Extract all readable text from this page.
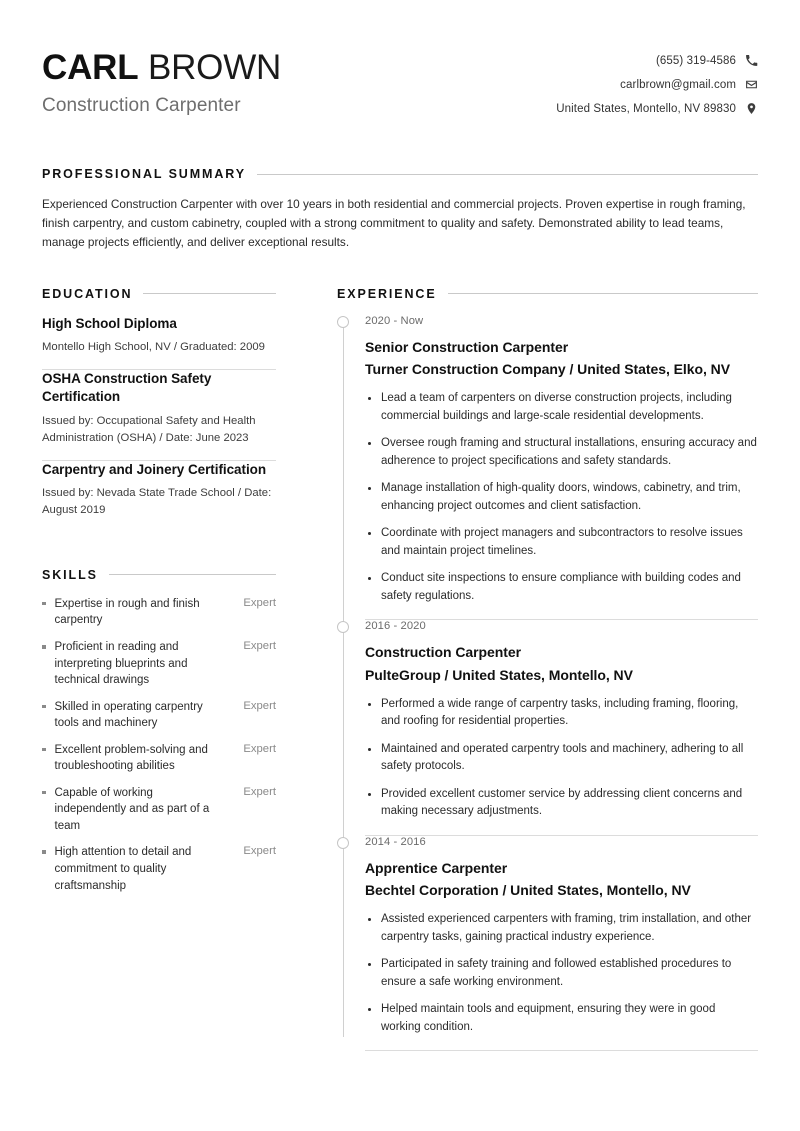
CARL BROWN
Construction Carpenter
(655) 319-4586
carlbrown@gmail.com
United States, Montello, NV 89830
PROFESSIONAL SUMMARY
Experienced Construction Carpenter with over 10 years in both residential and commercial projects. Proven expertise in rough framing, finish carpentry, and custom cabinetry, coupled with a strong commitment to quality and safety. Demonstrated ability to lead teams, manage projects efficiently, and deliver exceptional results.
EDUCATION
High School Diploma
Montello High School, NV / Graduated: 2009
OSHA Construction Safety Certification
Issued by: Occupational Safety and Health Administration (OSHA) / Date: June 2023
Carpentry and Joinery Certification
Issued by: Nevada State Trade School / Date: August 2019
SKILLS
Expertise in rough and finish carpentry
Expert
Proficient in reading and interpreting blueprints and technical drawings
Expert
Skilled in operating carpentry tools and machinery
Expert
Excellent problem-solving and troubleshooting abilities
Expert
Capable of working independently and as part of a team
Expert
High attention to detail and commitment to quality craftsmanship
Expert
EXPERIENCE
2020 - Now
Senior Construction Carpenter
Turner Construction Company / United States, Elko, NV
Lead a team of carpenters on diverse construction projects, including commercial buildings and large-scale residential developments.
Oversee rough framing and structural installations, ensuring accuracy and adherence to project specifications and safety standards.
Manage installation of high-quality doors, windows, cabinetry, and trim, enhancing project outcomes and client satisfaction.
Coordinate with project managers and subcontractors to resolve issues and maintain project timelines.
Conduct site inspections to ensure compliance with building codes and safety regulations.
2016 - 2020
Construction Carpenter
PulteGroup / United States, Montello, NV
Performed a wide range of carpentry tasks, including framing, flooring, and roofing for residential properties.
Maintained and operated carpentry tools and machinery, adhering to all safety protocols.
Provided excellent customer service by addressing client concerns and making necessary adjustments.
2014 - 2016
Apprentice Carpenter
Bechtel Corporation / United States, Montello, NV
Assisted experienced carpenters with framing, trim installation, and other carpentry tasks, gaining practical industry experience.
Participated in safety training and followed established procedures to ensure a safe working environment.
Helped maintain tools and equipment, ensuring they were in good working condition.
